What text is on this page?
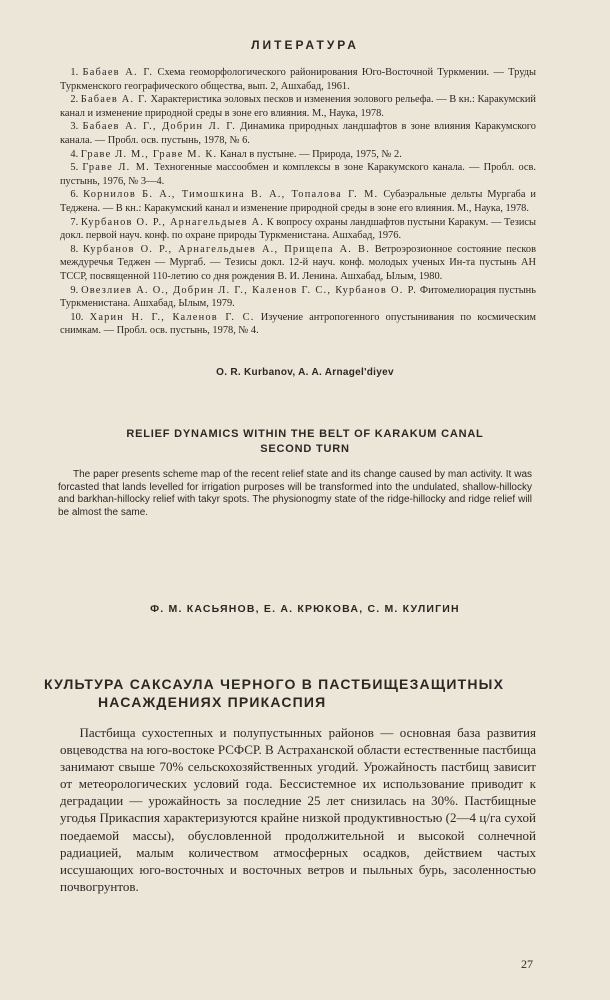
ЛИТЕРАТУРА

 1. Бабаев А. Г. Схема геоморфологического районирования Юго-Восточной Туркмении. — Труды Туркменского географического общества, вып. 2, Ашхабад, 1961.

 2. Бабаев А. Г. Характеристика эоловых песков и изменения эолового рельефа. — В кн.: Каракумский канал и изменение природной среды в зоне его влияния. М., Наука, 1978.

 3. Бабаев А. Г., Добрин Л. Г. Динамика природных ландшафтов в зоне влияния Каракумского канала. — Пробл. осв. пустынь, 1978, № 6.

 4. Граве Л. М., Граве М. К. Канал в пустыне. — Природа, 1975, № 2.

 5. Граве Л. М. Техногенные массообмен и комплексы в зоне Каракумского канала. — Пробл. осв. пустынь, 1976, № 3—4.

 6. Корнилов Б. А., Тимошкина В. А., Топалова Г. М. Субаэральные дельты Мургаба и Теджена. — В кн.: Каракумский канал и изменение природной среды в зоне его влияния. М., Наука, 1978.

 7. Курбанов О. Р., Арнагельдыев А. К вопросу охраны ландшафтов пустыни Каракум. — Тезисы докл. первой науч. конф. по охране природы Туркменистана. Ашхабад, 1976.

 8. Курбанов О. Р., Арнагельдыев А., Прищепа А. В. Ветроэрозионное состояние песков междуречья Теджен — Мургаб. — Тезисы докл. 12-й науч. конф. молодых ученых Ин-та пустынь АН ТССР, посвященной 110-летию со дня рождения В. И. Ленина. Ашхабад, Ылым, 1980.

 9. Овезлиев А. О., Добрин Л. Г., Каленов Г. С., Курбанов О. Р. Фитомелиорация пустынь Туркменистана. Ашхабад, Ылым, 1979.

 10. Харин Н. Г., Каленов Г. С. Изучение антропогенного опустынивания по космическим снимкам. — Пробл. осв. пустынь, 1978, № 4.

O. R. Kurbanov, A. A. Arnagel'diyev
RELIEF DYNAMICS WITHIN THE BELT OF KARAKUM CANAL
SECOND TURN
  The paper presents scheme map of the recent relief state and its change caused by man activity. It was forcasted that lands levelled for irrigation purposes will be transformed into the undulated, shallow-hillocky and barkhan-hillocky relief with takyr spots. The physionogmy state of the ridge-hillocky and ridge relief will be almost the same.
Ф. М. КАСЬЯНОВ, Е. А. КРЮКОВА, С. М. КУЛИГИН
КУЛЬТУРА САКСАУЛА ЧЕРНОГО В ПАСТБИЩЕЗАЩИТНЫХ
НАСАЖДЕНИЯХ ПРИКАСПИЯ
  Пастбища сухостепных и полупустынных районов — основная база развития овцеводства на юго-востоке РСФСР. В Астраханской области естественные пастбища занимают свыше 70% сельскохозяйственных угодий. Урожайность пастбищ зависит от метеорологических условий года. Бессистемное их использование приводит к деградации — урожайность за последние 25 лет снизилась на 30%. Пастбищные угодья Прикаспия характеризуются крайне низкой продуктивностью (2—4 ц/га сухой поедаемой массы), обусловленной продолжительной и высокой солнечной радиацией, малым количеством атмосферных осадков, действием частых иссушающих юго-восточных и восточных ветров и пыльных бурь, засоленностью почвогрунтов.
27
